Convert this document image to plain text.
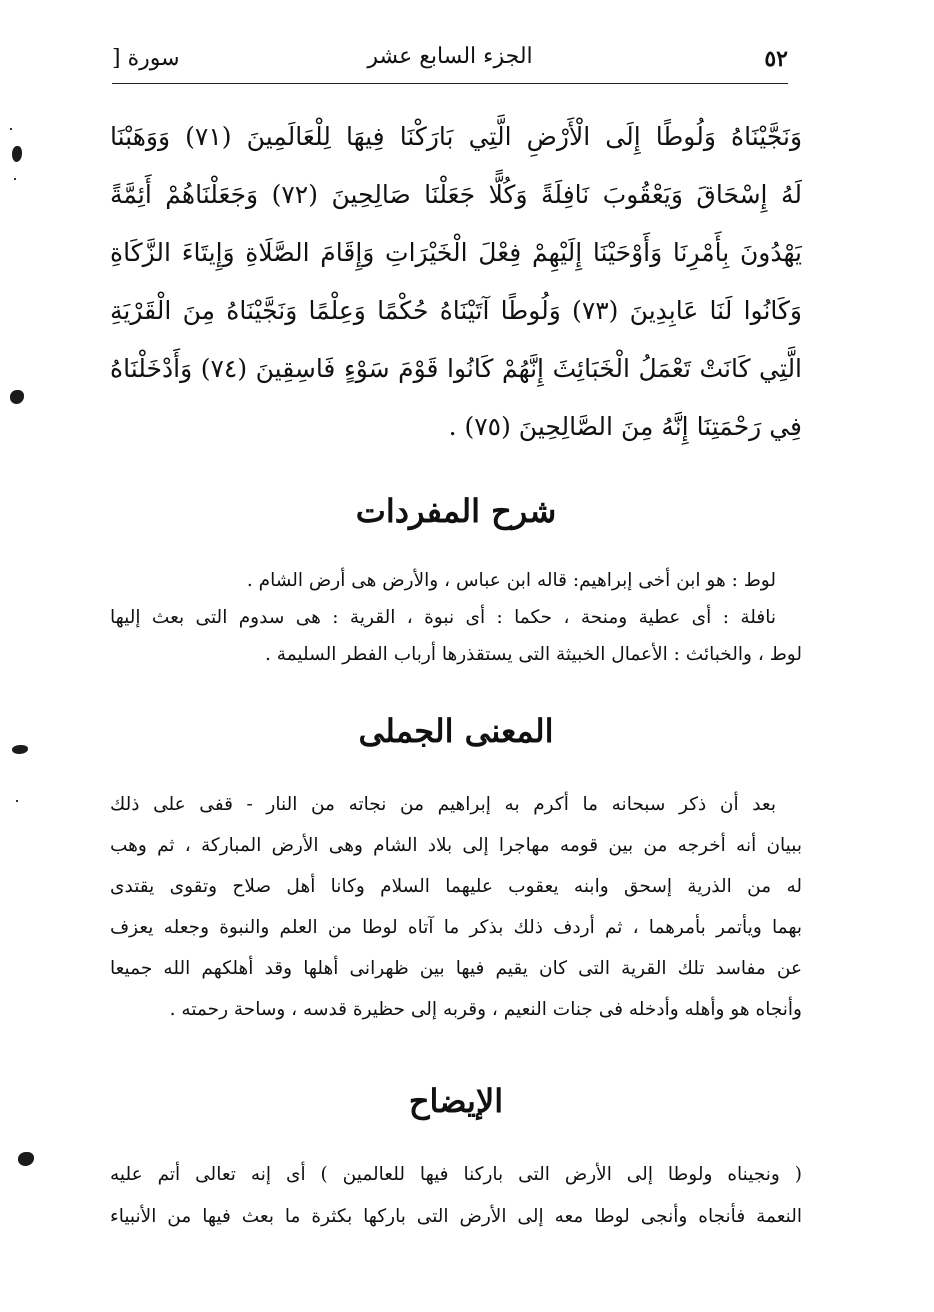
٥٢
الجزء السابع عشر
سورة [
وَنَجَّيْنَاهُ وَلُوطًا إِلَى الْأَرْضِ الَّتِي بَارَكْنَا فِيهَا لِلْعَالَمِينَ (٧١) وَوَهَبْنَا
لَهُ إِسْحَاقَ وَيَعْقُوبَ نَافِلَةً وَكُلًّا جَعَلْنَا صَالِحِينَ (٧٢) وَجَعَلْنَاهُمْ أَئِمَّةً
يَهْدُونَ بِأَمْرِنَا وَأَوْحَيْنَا إِلَيْهِمْ فِعْلَ الْخَيْرَاتِ وَإِقَامَ الصَّلَاةِ وَإِيتَاءَ الزَّكَاةِ
وَكَانُوا لَنَا عَابِدِينَ (٧٣) وَلُوطًا آتَيْنَاهُ حُكْمًا وَعِلْمًا وَنَجَّيْنَاهُ مِنَ الْقَرْيَةِ
الَّتِي كَانَتْ تَعْمَلُ الْخَبَائِثَ إِنَّهُمْ كَانُوا قَوْمَ سَوْءٍ فَاسِقِينَ (٧٤) وَأَدْخَلْنَاهُ
فِي رَحْمَتِنَا إِنَّهُ مِنَ الصَّالِحِينَ (٧٥) .
شرح المفردات
لوط : هو ابن أخى إبراهيم: قاله ابن عباس ، والأرض هى أرض الشام .
نافلة : أى عطية ومنحة ، حكما : أى نبوة ، القرية : هى سدوم التى بعث إليها
لوط ، والخبائث : الأعمال الخبيثة التى يستقذرها أرباب الفطر السليمة .
المعنى الجملى
بعد أن ذكر سبحانه ما أكرم به إبراهيم من نجاته من النار - قفى على ذلك
ببيان أنه أخرجه من بين قومه مهاجرا إلى بلاد الشام وهى الأرض المباركة ، ثم وهب
له من الذرية إسحق وابنه يعقوب عليهما السلام وكانا أهل صلاح وتقوى يقتدى
بهما ويأتمر بأمرهما ، ثم أردف ذلك بذكر ما آتاه لوطا من العلم والنبوة وجعله يعزف
عن مفاسد تلك القرية التى كان يقيم فيها بين ظهرانى أهلها وقد أهلكهم الله جميعا
وأنجاه هو وأهله وأدخله فى جنات النعيم ، وقربه إلى حظيرة قدسه ، وساحة رحمته .
الإيضاح
( ونجيناه ولوطا إلى الأرض التى باركنا فيها للعالمين ) أى إنه تعالى أتم عليه
النعمة فأنجاه وأنجى لوطا معه إلى الأرض التى باركها بكثرة ما بعث فيها من الأنبياء
